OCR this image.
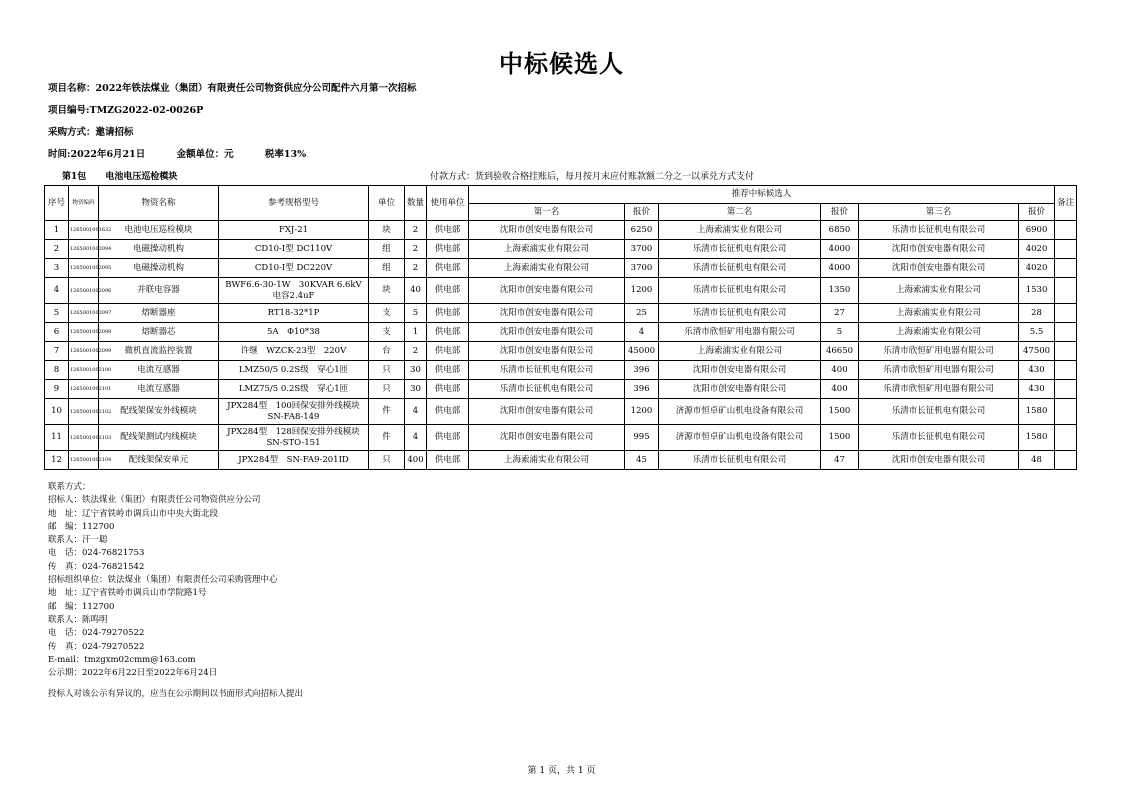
中标候选人
项目名称：2022年铁法煤业（集团）有限责任公司物资供应分公司配件六月第一次招标
项目编号:TMZG2022-02-0026P
采购方式：邀请招标
时间:2022年6月21日	金额单位：元	税率13%
第1包 电池电压巡检模块	付款方式：货到验收合格挂账后，每月按月末应付账款额二分之一以承兑方式支付
序号	物资编码	物资名称	参考规格型号	单位	数量	使用单位	推荐中标候选人						备注
							第一名	报价	第二名	报价	第三名	报价	
1	1265001001632	电池电压巡检模块	FXJ-21	块	2	供电部	沈阳市创安电器有限公司	6250	上海索浦实业有限公司	6850	乐清市长征机电有限公司	6900	
2	1265001002094	电磁操动机构	CD10-Ⅰ型 DC110V	组	2	供电部	上海索浦实业有限公司	3700	乐清市长征机电有限公司	4000	沈阳市创安电器有限公司	4020	
3	1265001002095	电磁操动机构	CD10-Ⅰ型 DC220V	组	2	供电部	上海索浦实业有限公司	3700	乐清市长征机电有限公司	4000	沈阳市创安电器有限公司	4020	
4	1265001002096	并联电容器	BWF6.6-30-1W　30KVAR 6.6kV 电容2.4uF	块	40	供电部	沈阳市创安电器有限公司	1200	乐清市长征机电有限公司	1350	上海索浦实业有限公司	1530	
5	1265001002097	熔断器座	RT18-32*1P	支	5	供电部	沈阳市创安电器有限公司	25	乐清市长征机电有限公司	27	上海索浦实业有限公司	28	
6	1265001002098	熔断器芯	5A　Φ10*38	支	1	供电部	沈阳市创安电器有限公司	4	乐清市欣恒矿用电器有限公司	5	上海索浦实业有限公司	5.5	
7	1265001002099	微机直流监控装置	许继　WZCK-23型　220V	台	2	供电部	沈阳市创安电器有限公司	45000	上海索浦实业有限公司	46650	乐清市欣恒矿用电器有限公司	47500	
8	1265001002100	电流互感器	LMZ50/5 0.2S级　穿心1匝	只	30	供电部	乐清市长征机电有限公司	396	沈阳市创安电器有限公司	400	乐清市欣恒矿用电器有限公司	430	
9	1265001002101	电流互感器	LMZ75/5 0.2S级　穿心1匝	只	30	供电部	乐清市长征机电有限公司	396	沈阳市创安电器有限公司	400	乐清市欣恒矿用电器有限公司	430	
10	1265001002102	配线架保安外线模块	JPX284型　100回保安排外线模块 SN-FA8-149	件	4	供电部	沈阳市创安电器有限公司	1200	济源市恒卓矿山机电设备有限公司	1500	乐清市长征机电有限公司	1580	
11	1265001002103	配线架测试内线模块	JPX284型　128回保安排外线模块 SN-STO-151	件	4	供电部	沈阳市创安电器有限公司	995	济源市恒卓矿山机电设备有限公司	1500	乐清市长征机电有限公司	1580	
12	1265001002104	配线架保安单元	JPX284型　SN-FA9-201ID	只	400	供电部	上海索浦实业有限公司	45	乐清市长征机电有限公司	47	沈阳市创安电器有限公司	48	
联系方式：
招标人：铁法煤业（集团）有限责任公司物资供应分公司
地　址：辽宁省铁岭市调兵山市中央大街北段
邮　编：112700
联系人：汗一聪
电　话：024-76821753
传　真：024-76821542
招标组织单位：铁法煤业（集团）有限责任公司采购管理中心
地　址：辽宁省铁岭市调兵山市学院路1号
邮　编：112700
联系人：陈鸣明
电　话：024-79270522
传　真：024-79270522
E-mail：tmzgxm02cmm@163.com
公示期：2022年6月22日至2022年6月24日
投标人对该公示有异议的，应当在公示期间以书面形式向招标人提出
第 1 页，共 1 页
